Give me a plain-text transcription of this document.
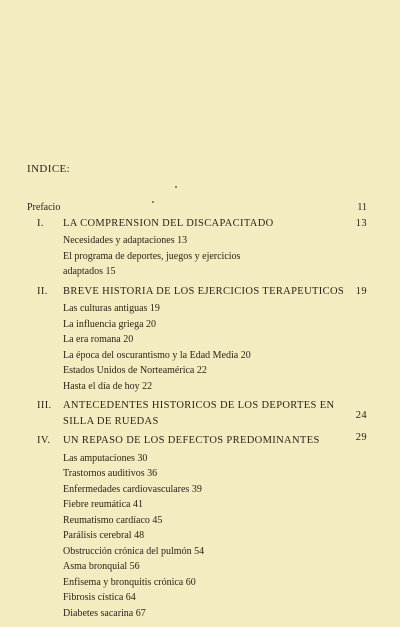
INDICE:
Prefacio	11
I. LA COMPRENSION DEL DISCAPACITADO	13
Necesidades y adaptaciones 13
El programa de deportes, juegos y ejercicios
adaptados 15
II. BREVE HISTORIA DE LOS EJERCICIOS TERAPEUTICOS 19
Las culturas antiguas 19
La influencia griega 20
La era romana 20
La época del oscurantismo y la Edad Media 20
Estados Unidos de Norteamérica 22
Hasta el día de hoy 22
III. ANTECEDENTES HISTORICOS DE LOS DEPORTES EN
SILLA DE RUEDAS
24
IV. UN REPASO DE LOS DEFECTOS PREDOMINANTES	29
Las amputaciones 30
Trastornos auditivos 36
Enfermedades cardiovasculares 39
Fiebre reumática 41
Reumatismo cardíaco 45
Parálisis cerebral 48
Obstrucción crónica del pulmón 54
Asma bronquial 56
Enfisema y bronquitis crónica 60
Fibrosis cística 64
Diabetes sacarina 67
